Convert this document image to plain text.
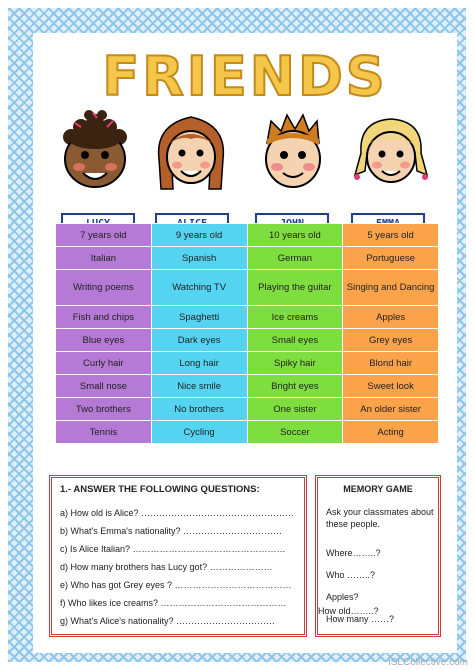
FRIENDS
7 years old	9 years old	10 years old	5 years old
Italian	Spanish	German	Portuguese
Writing poems	Watching TV	Playing the guitar	Singing and Dancing
Fish and chips	Spaghetti	Ice creams	Apples
Blue eyes	Dark eyes	Small eyes	Grey eyes
Curly hair	Long hair	Spiky hair	Blond hair
Small nose	Nice smile	Bright eyes	Sweet look
Two brothers	No brothers	One sister	An older sister
Tennis	Cycling	Soccer	Acting
1.- ANSWER THE FOLLOWING QUESTIONS:
a) How old is Alice? ……………………………………………
b) What's Emma's nationality? ……………………………
c) Is Alice Italian? ……………………………………………
d) How many brothers has Lucy got? …………………
e) Who has got Grey eyes ? …………………………………
f) Who likes ice creams? ……………………………………
g) What's Alice's nationality? ……………………………
MEMORY GAME
Ask your classmates about these people.
Where……..?
Who ……..?
Apples?
How many ……?
How old……..?
iSLCollective.com
